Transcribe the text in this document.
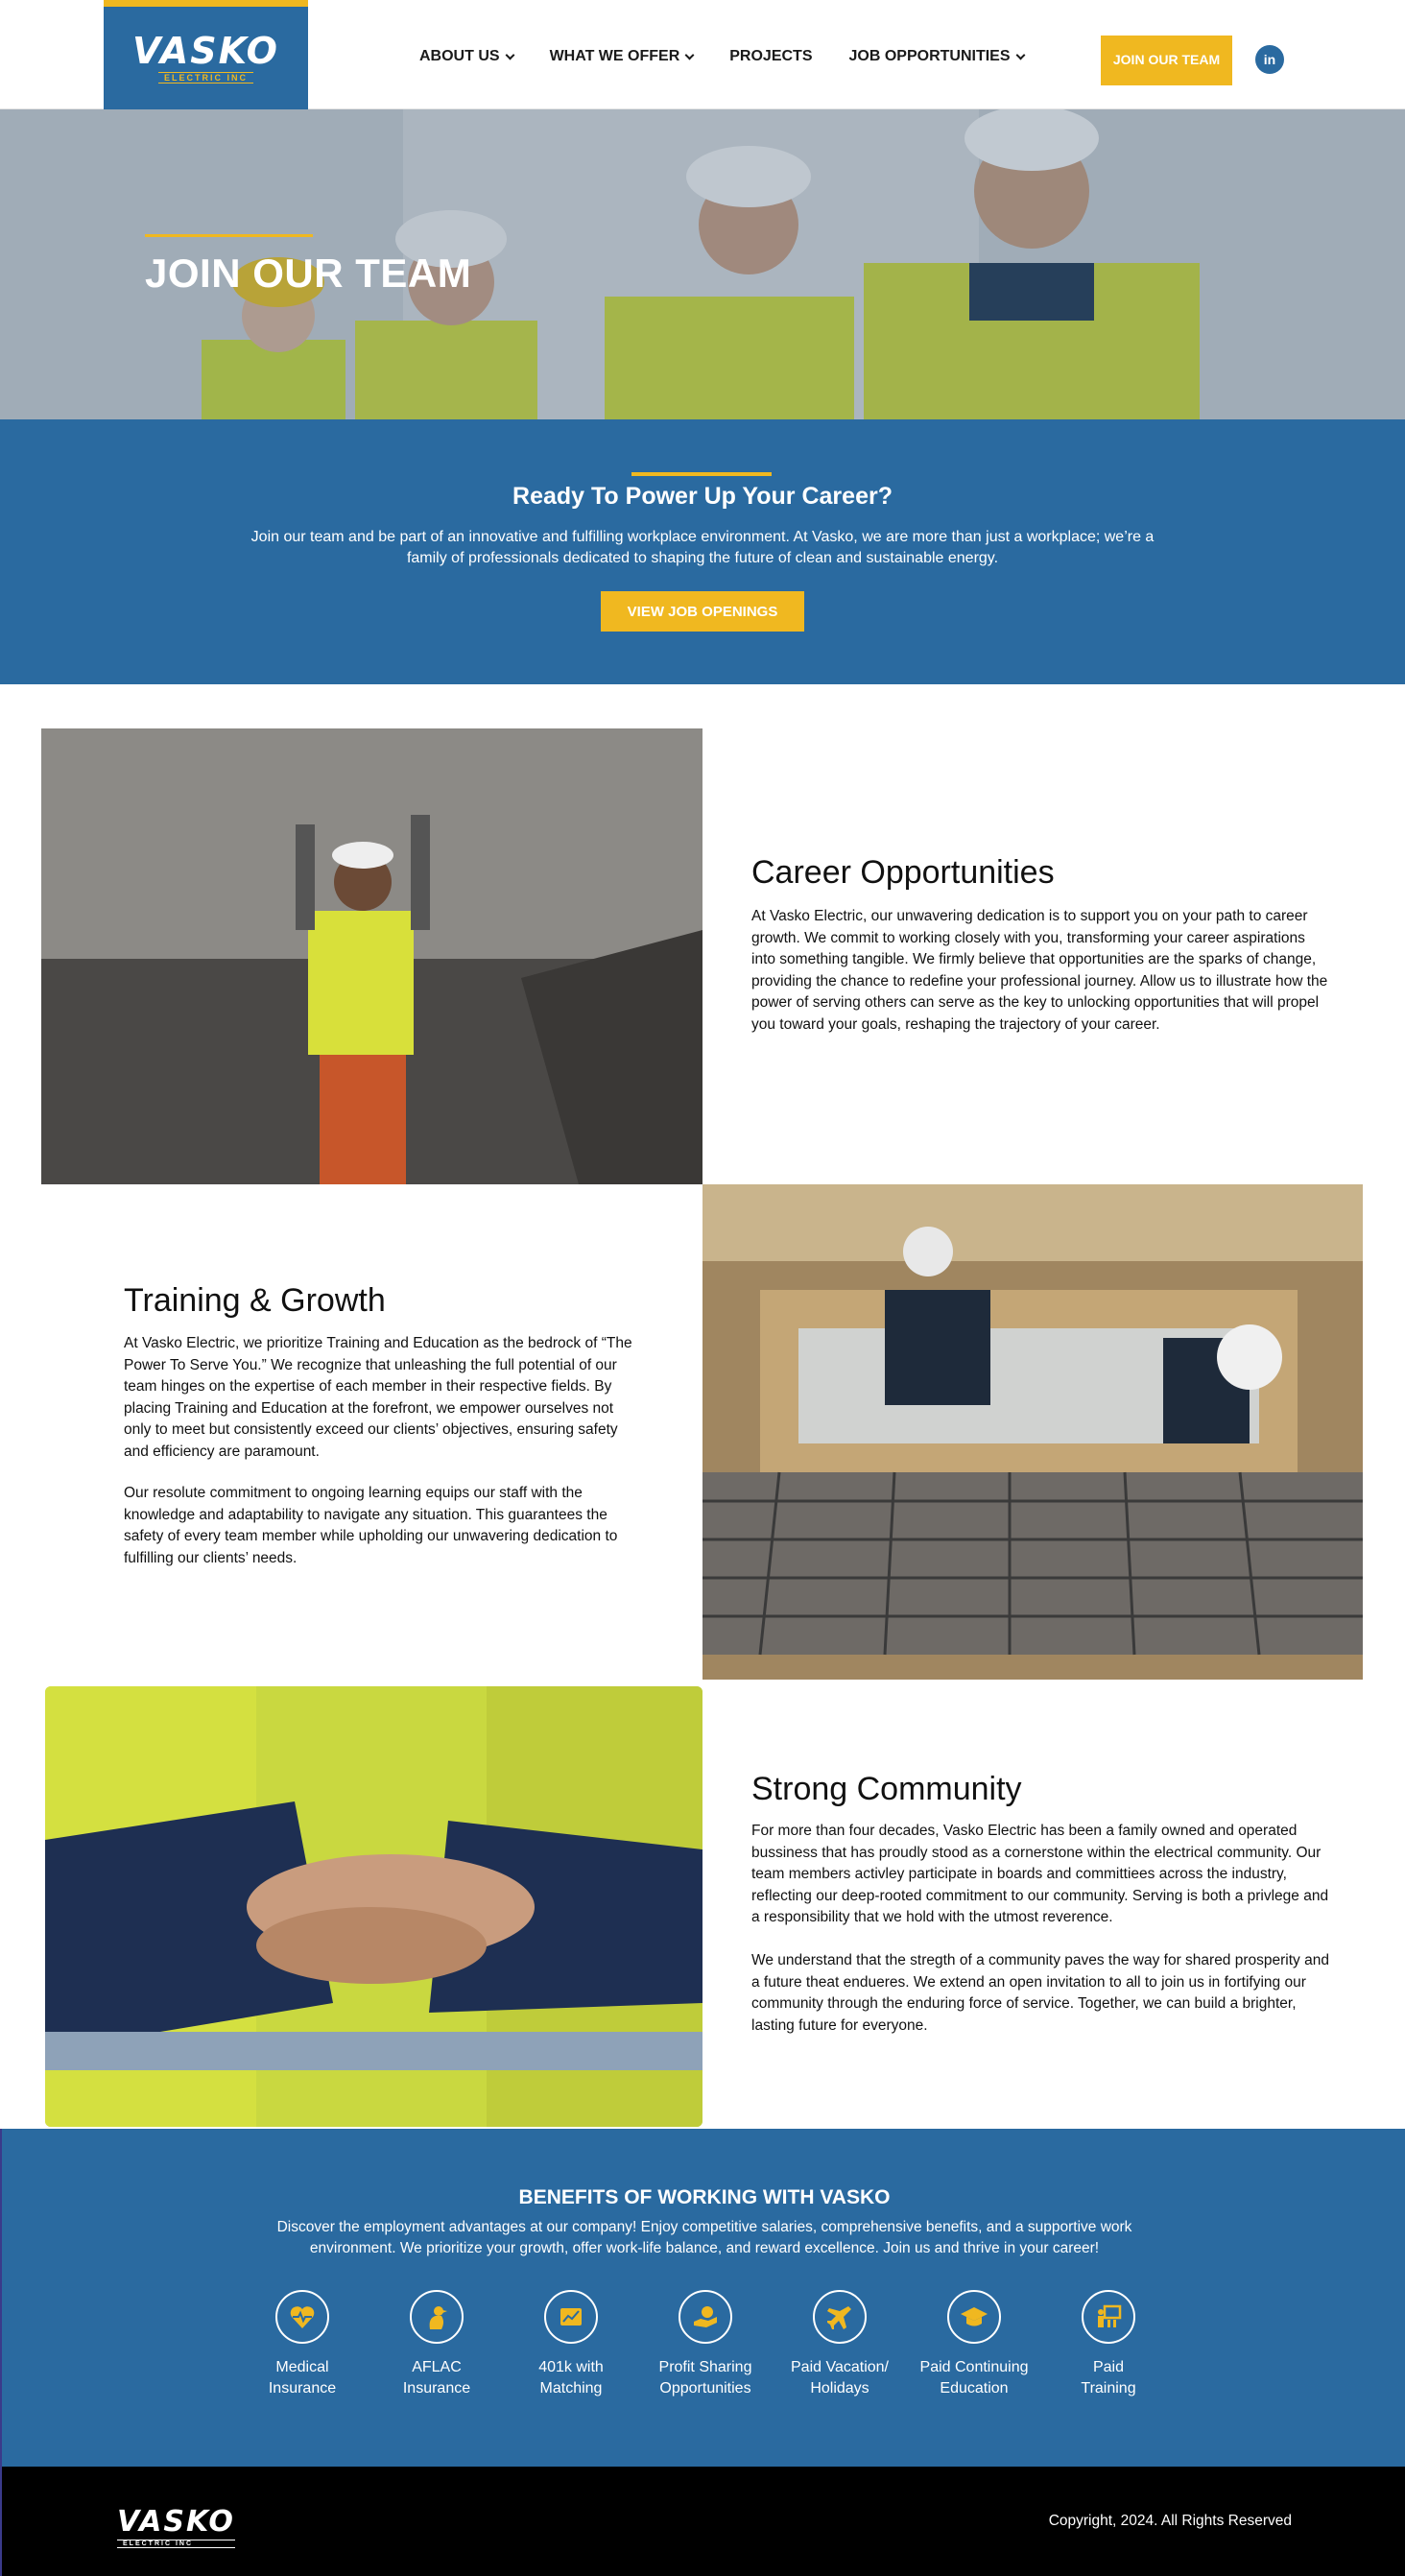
VASKO
ELECTRIC INC
ABOUT US	WHAT WE OFFER	PROJECTS JOB OPPORTUNITIES	JOIN OUR TEAM	in
JOIN OUR TEAM
Ready To Power Up Your Career?

Join our team and be part of an innovative and fulfilling workplace environment. At Vasko, we are more than just a workplace; we’re a family of professionals dedicated to shaping the future of clean and sustainable energy.

VIEW JOB OPENINGS
Career Opportunities

At Vasko Electric, our unwavering dedication is to support you on your path to career growth. We commit to working closely with you, transforming your career aspirations into something tangible. We firmly believe that opportunities are the sparks of change, providing the chance to redefine your professional journey. Allow us to illustrate how the power of serving others can serve as the key to unlocking opportunities that will propel you toward your goals, reshaping the trajectory of your career.

Training & Growth

At Vasko Electric, we prioritize Training and Education as the bedrock of “The Power To Serve You.” We recognize that unleashing the full potential of our team hinges on the expertise of each member in their respective fields. By placing Training and Education at the forefront, we empower ourselves not only to meet but consistently exceed our clients’ objectives, ensuring safety and efficiency are paramount.

Our resolute commitment to ongoing learning equips our staff with the knowledge and adaptability to navigate any situation. This guarantees the safety of every team member while upholding our unwavering dedication to fulfilling our clients’ needs.

Strong Community

For more than four decades, Vasko Electric has been a family owned and operated bussiness that has proudly stood as a cornerstone within the electrical community. Our team members activley participate in boards and committiees across the industry, reflecting our deep-rooted commitment to our community. Serving is both a privlege and a responsibility that we hold with the utmost reverence.

We understand that the stregth of a community paves the way for shared prosperity and a future theat endueres. We extend an open invitation to all to join us in fortifying our community through the enduring force of service. Together, we can build a brighter, lasting future for everyone.

BENEFITS OF WORKING WITH VASKO

Discover the employment advantages at our company! Enjoy competitive salaries, comprehensive benefits, and a supportive work environment. We prioritize your growth, offer work-life balance, and reward excellence. Join us and thrive in your career!

Medical
Insurance
AFLAC
Insurance
401k with
Matching
Profit Sharing
Opportunities
Paid Vacation/
Holidays
Paid Continuing
Education
Paid
Training
VASKO
ELECTRIC INC
Copyright, 2024. All Rights Reserved
